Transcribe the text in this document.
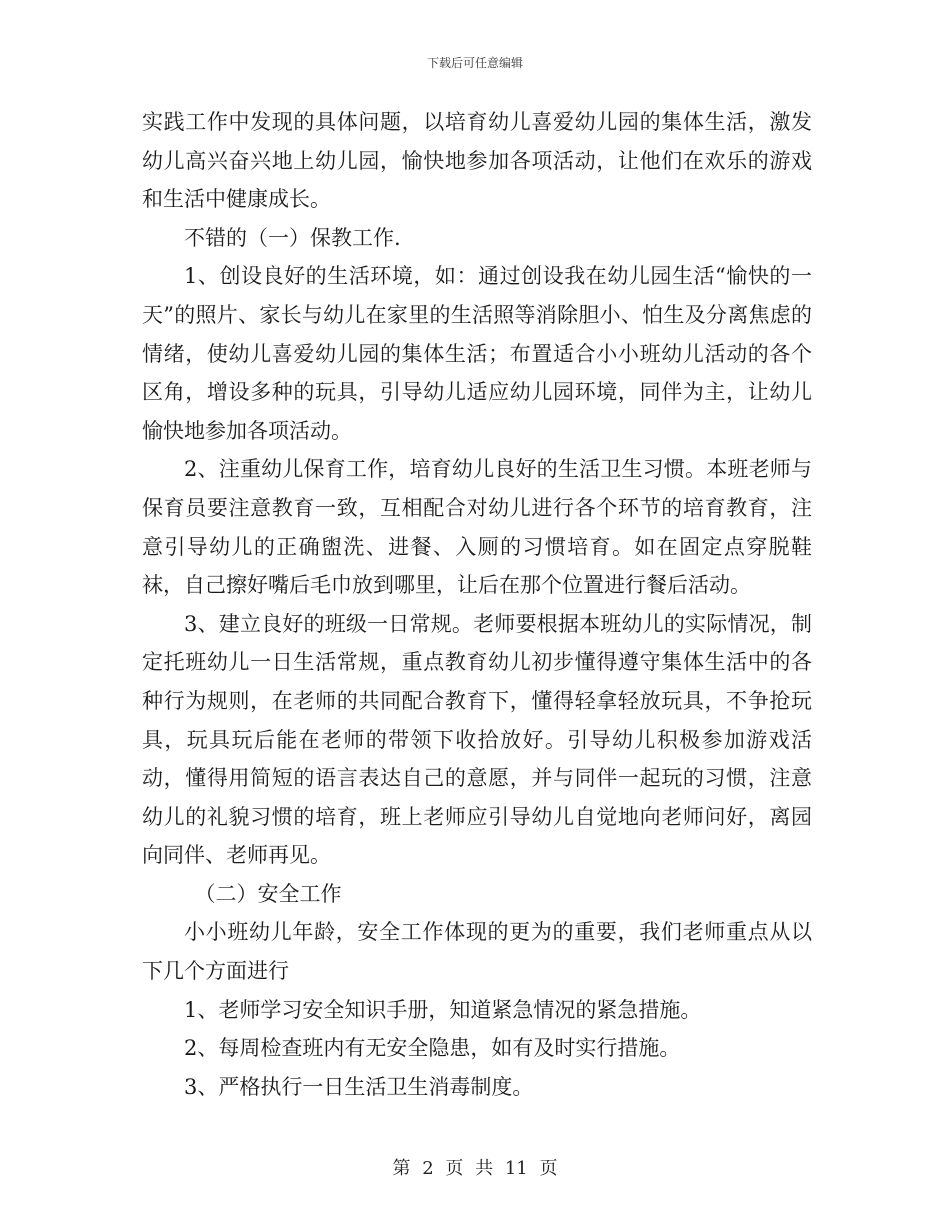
下载后可任意编辑

实践工作中发现的具体问题，以培育幼儿喜爱幼儿园的集体生活，激发幼儿高兴奋兴地上幼儿园，愉快地参加各项活动，让他们在欢乐的游戏和生活中健康成长。

不错的（一）保教工作.

1、创设良好的生活环境，如：通过创设我在幼儿园生活“愉快的一天”的照片、家长与幼儿在家里的生活照等消除胆小、怕生及分离焦虑的情绪，使幼儿喜爱幼儿园的集体生活；布置适合小小班幼儿活动的各个区角，增设多种的玩具，引导幼儿适应幼儿园环境，同伴为主，让幼儿愉快地参加各项活动。

2、注重幼儿保育工作，培育幼儿良好的生活卫生习惯。本班老师与保育员要注意教育一致，互相配合对幼儿进行各个环节的培育教育，注意引导幼儿的正确盥洗、进餐、入厕的习惯培育。如在固定点穿脱鞋袜，自己擦好嘴后毛巾放到哪里，让后在那个位置进行餐后活动。

3、建立良好的班级一日常规。老师要根据本班幼儿的实际情况，制定托班幼儿一日生活常规，重点教育幼儿初步懂得遵守集体生活中的各种行为规则，在老师的共同配合教育下，懂得轻拿轻放玩具，不争抢玩具，玩具玩后能在老师的带领下收拾放好。引导幼儿积极参加游戏活动，懂得用简短的语言表达自己的意愿，并与同伴一起玩的习惯，注意幼儿的礼貌习惯的培育，班上老师应引导幼儿自觉地向老师问好，离园向同伴、老师再见。

（二）安全工作

小小班幼儿年龄，安全工作体现的更为的重要，我们老师重点从以下几个方面进行

1、老师学习安全知识手册，知道紧急情况的紧急措施。

2、每周检查班内有无安全隐患，如有及时实行措施。

3、严格执行一日生活卫生消毒制度。

第 2 页 共 11 页
